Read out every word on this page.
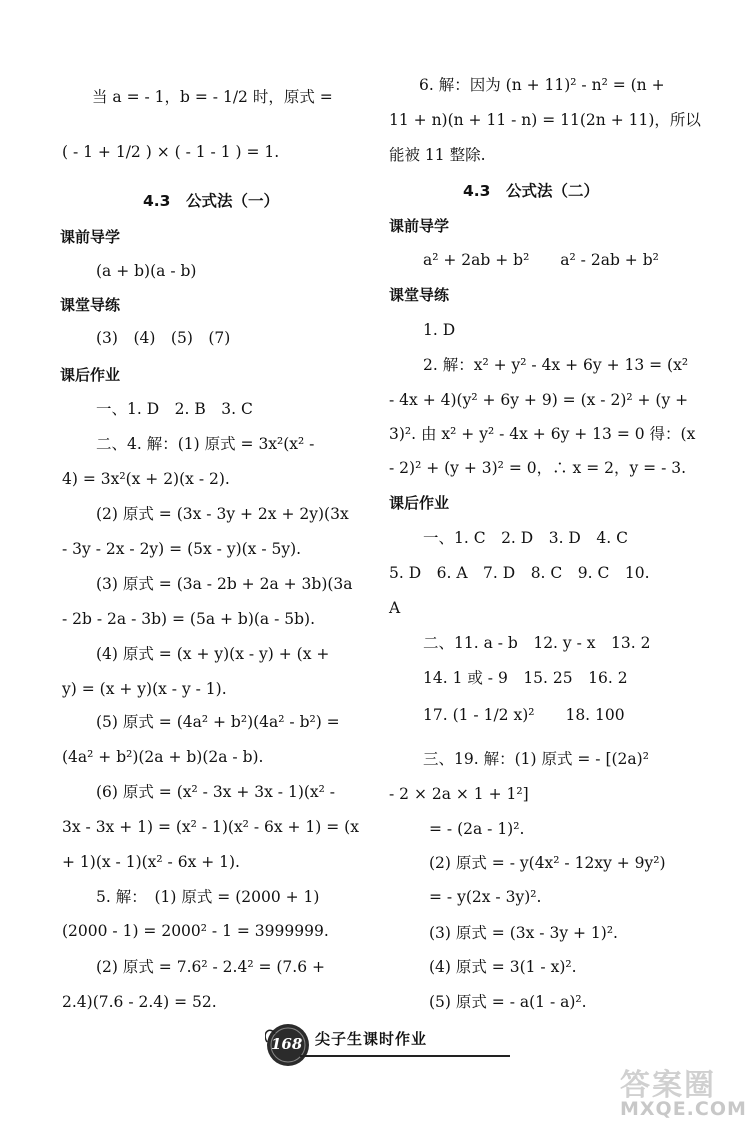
当 a = - 1，b = - 1/2 时，原式 =
( - 1 + 1/2 ) × ( - 1 - 1 ) = 1.
4.3　公式法（一）
课前导学
(a + b)(a - b)
课堂导练
(3)　(4)　(5)　(7)
课后作业
一、1. D　2. B　3. C
二、4. 解：(1) 原式 = 3x²(x² -
4) = 3x²(x + 2)(x - 2).
(2) 原式 = (3x - 3y + 2x + 2y)(3x
- 3y - 2x - 2y) = (5x - y)(x - 5y).
(3) 原式 = (3a - 2b + 2a + 3b)(3a
- 2b - 2a - 3b) = (5a + b)(a - 5b).
(4) 原式 = (x + y)(x - y) + (x +
y) = (x + y)(x - y - 1).
(5) 原式 = (4a² + b²)(4a² - b²) =
(4a² + b²)(2a + b)(2a - b).
(6) 原式 = (x² - 3x + 3x - 1)(x² -
3x - 3x + 1) = (x² - 1)(x² - 6x + 1) = (x
+ 1)(x - 1)(x² - 6x + 1).
5. 解：　(1) 原式 = (2000 + 1)
(2000 - 1) = 2000² - 1 = 3999999.
(2) 原式 = 7.6² - 2.4² = (7.6 +
2.4)(7.6 - 2.4) = 52.
6. 解：因为 (n + 11)² - n² = (n +
11 + n)(n + 11 - n) = 11(2n + 11)，所以
能被 11 整除.
4.3　公式法（二）
课前导学
a² + 2ab + b²　　a² - 2ab + b²
课堂导练
1. D
2. 解：x² + y² - 4x + 6y + 13 = (x²
- 4x + 4)(y² + 6y + 9) = (x - 2)² + (y +
3)². 由 x² + y² - 4x + 6y + 13 = 0 得：(x
- 2)² + (y + 3)² = 0，∴ x = 2，y = - 3.
课后作业
一、1. C　2. D　3. D　4. C
5. D　6. A　7. D　8. C　9. C　10.
A
二、11. a - b　12. y - x　13. 2
14. 1 或 - 9　15. 25　16. 2
17. (1 - 1/2 x)²　　18. 100
三、19. 解：(1) 原式 = - [(2a)²
- 2 × 2a × 1 + 1²]
= - (2a - 1)².
(2) 原式 = - y(4x² - 12xy + 9y²)
= - y(2x - 3y)².
(3) 原式 = (3x - 3y + 1)².
(4) 原式 = 3(1 - x)².
(5) 原式 = - a(1 - a)².
168 尖子生课时作业
答案圈
MXQE.COM
